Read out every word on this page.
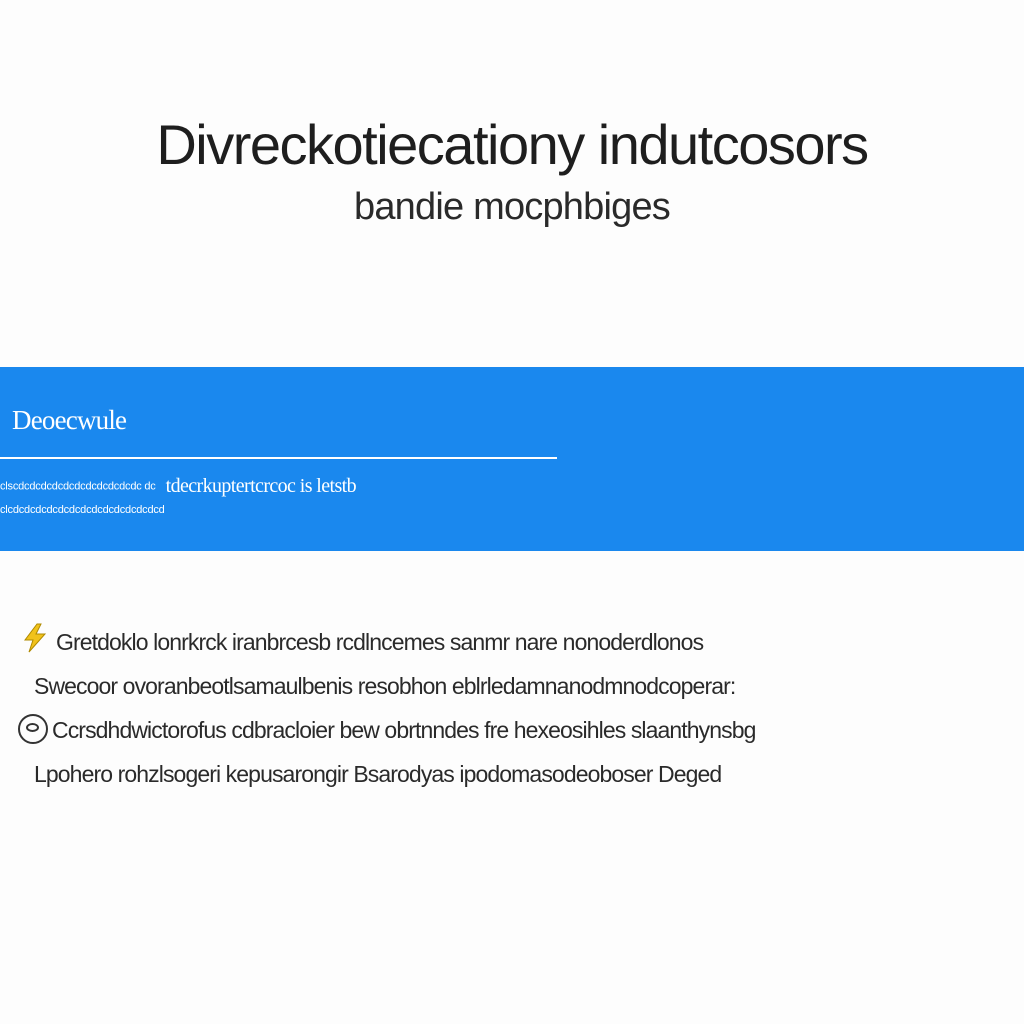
Divreckotiecationy indutcosors
bandie mocphbiges
Deoecwule
clscdcdcdcdcdcdcdcdcdcdcdc dc tdecrkuptertcrcoc is letstb
clcdcdcdcdcdcdcdcdcdcdcdcdcdcd
Gretdoklo lonrkrck iranbrcesb rcdlncemes sanmr nare nonoderdlonos
Swecoor ovoranbeotlsamaulbenis resobhon eblrledamnanodmnodcoperar:
Ccrsdhdwictorofus cdbracloier bew obrtnndes fre hexeosihles slaanthynsbg
Lpohero rohzlsogeri kepusarongir Bsarodyas ipodomasodeoboser Deged
